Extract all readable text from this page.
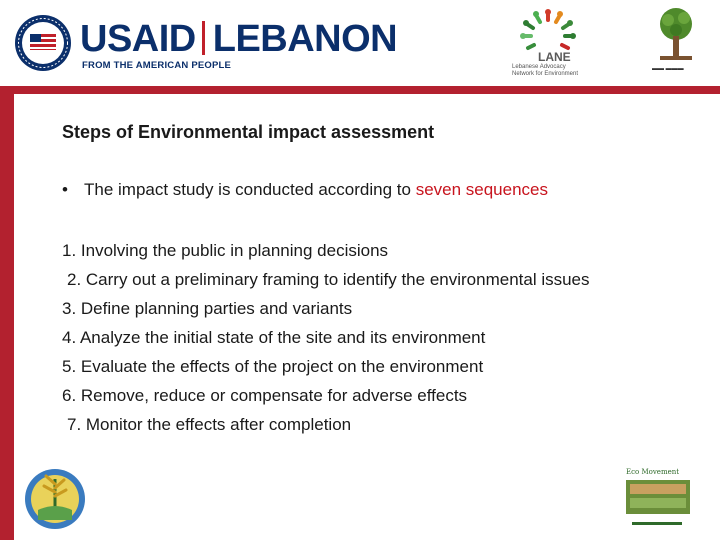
USAID LEBANON
FROM THE AMERICAN PEOPLE
LANE
Lebanese Advocacy
Network for Environment
▬▬ ▬▬▬
Steps of Environmental impact assessment
• The impact study is conducted according to seven sequences
1. Involving the public in planning decisions
2. Carry out a preliminary framing to identify the environmental issues
3. Define planning parties and variants
4. Analyze the initial state of the site and its environment
5. Evaluate the effects of the project on the environment
6. Remove, reduce or compensate for adverse effects
7. Monitor the effects after completion
Eco Movement
